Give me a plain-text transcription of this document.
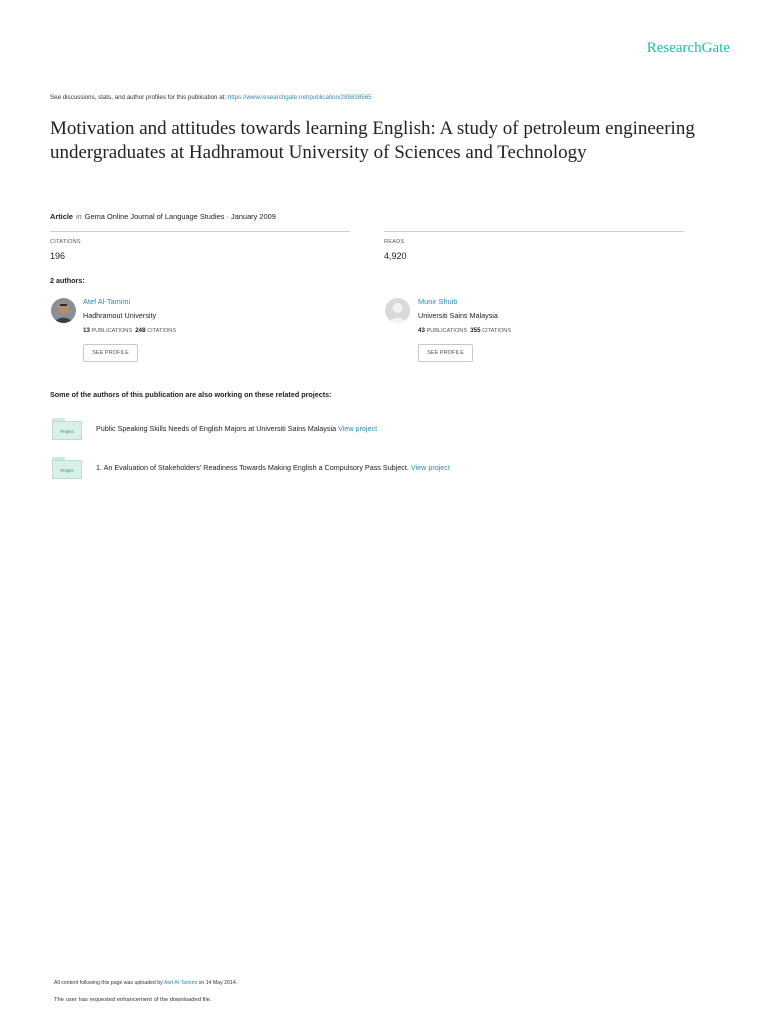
ResearchGate
See discussions, stats, and author profiles for this publication at: https://www.researchgate.net/publication/285838565
Motivation and attitudes towards learning English: A study of petroleum engineering undergraduates at Hadhramout University of Sciences and Technology
Article in Gema Online Journal of Language Studies · January 2009
CITATIONS
196
READS
4,920
2 authors:
Atef Al-Tamimi
Hadhramout University
13 PUBLICATIONS 248 CITATIONS
SEE PROFILE
Munir Shuib
Universiti Sains Malaysia
43 PUBLICATIONS 355 CITATIONS
SEE PROFILE
Some of the authors of this publication are also working on these related projects:
Project	Public Speaking Skills Needs of English Majors at Universiti Sains Malaysia View project
Project	1. An Evaluation of Stakeholders' Readiness Towards Making English a Compulsory Pass Subject. View project
All content following this page was uploaded by Atef Al-Tamimi on 14 May 2014.
The user has requested enhancement of the downloaded file.
